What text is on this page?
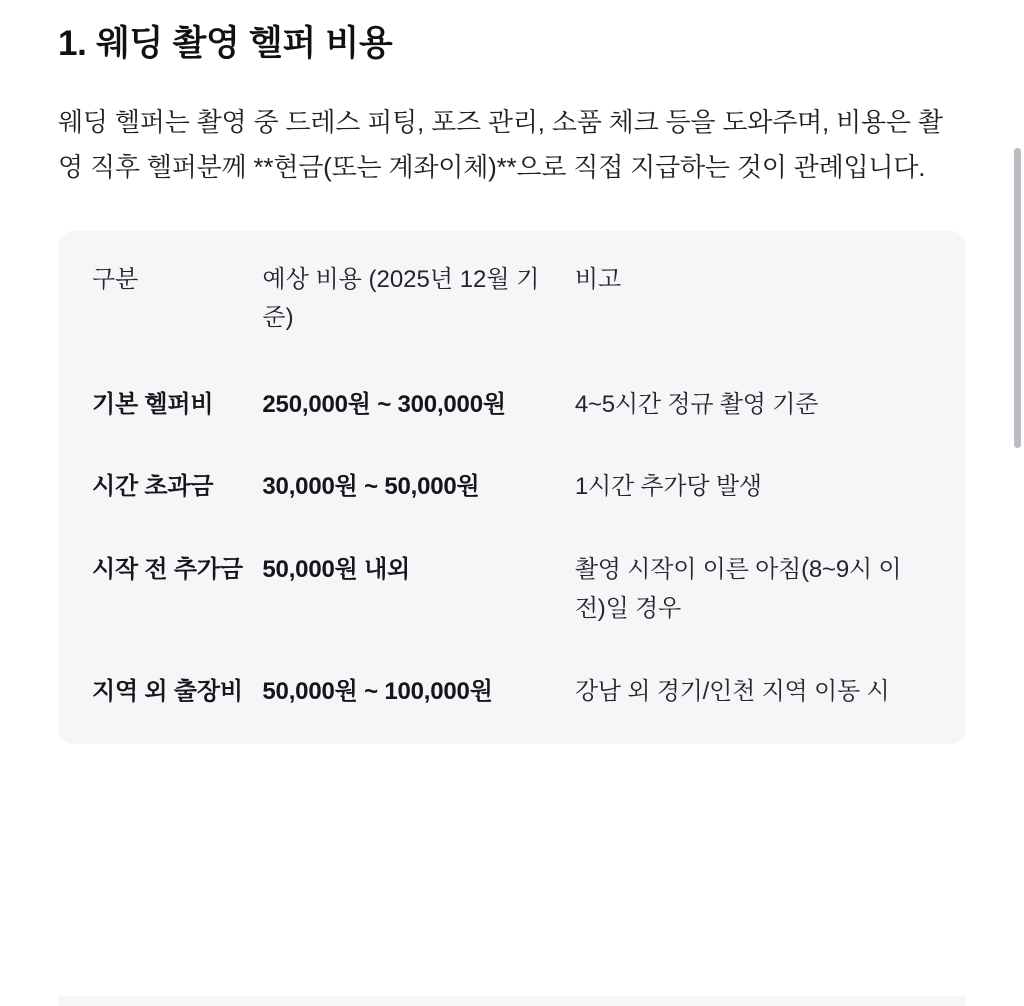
1. 웨딩 촬영 헬퍼 비용

웨딩 헬퍼는 촬영 중 드레스 피팅, 포즈 관리, 소품 체크 등을 도와주며, 비용은 촬영 직후 헬퍼분께 **현금(또는 계좌이체)**으로 직접 지급하는 것이 관례입니다.

구분	예상 비용 (2025년 12월 기준)	비고
기본 헬퍼비	250,000원 ~ 300,000원	4~5시간 정규 촬영 기준
시간 초과금	30,000원 ~ 50,000원	1시간 추가당 발생
시작 전 추가금	50,000원 내외	촬영 시작이 이른 아침(8~9시 이전)일 경우
지역 외 출장비	50,000원 ~ 100,000원	강남 외 경기/인천 지역 이동 시
